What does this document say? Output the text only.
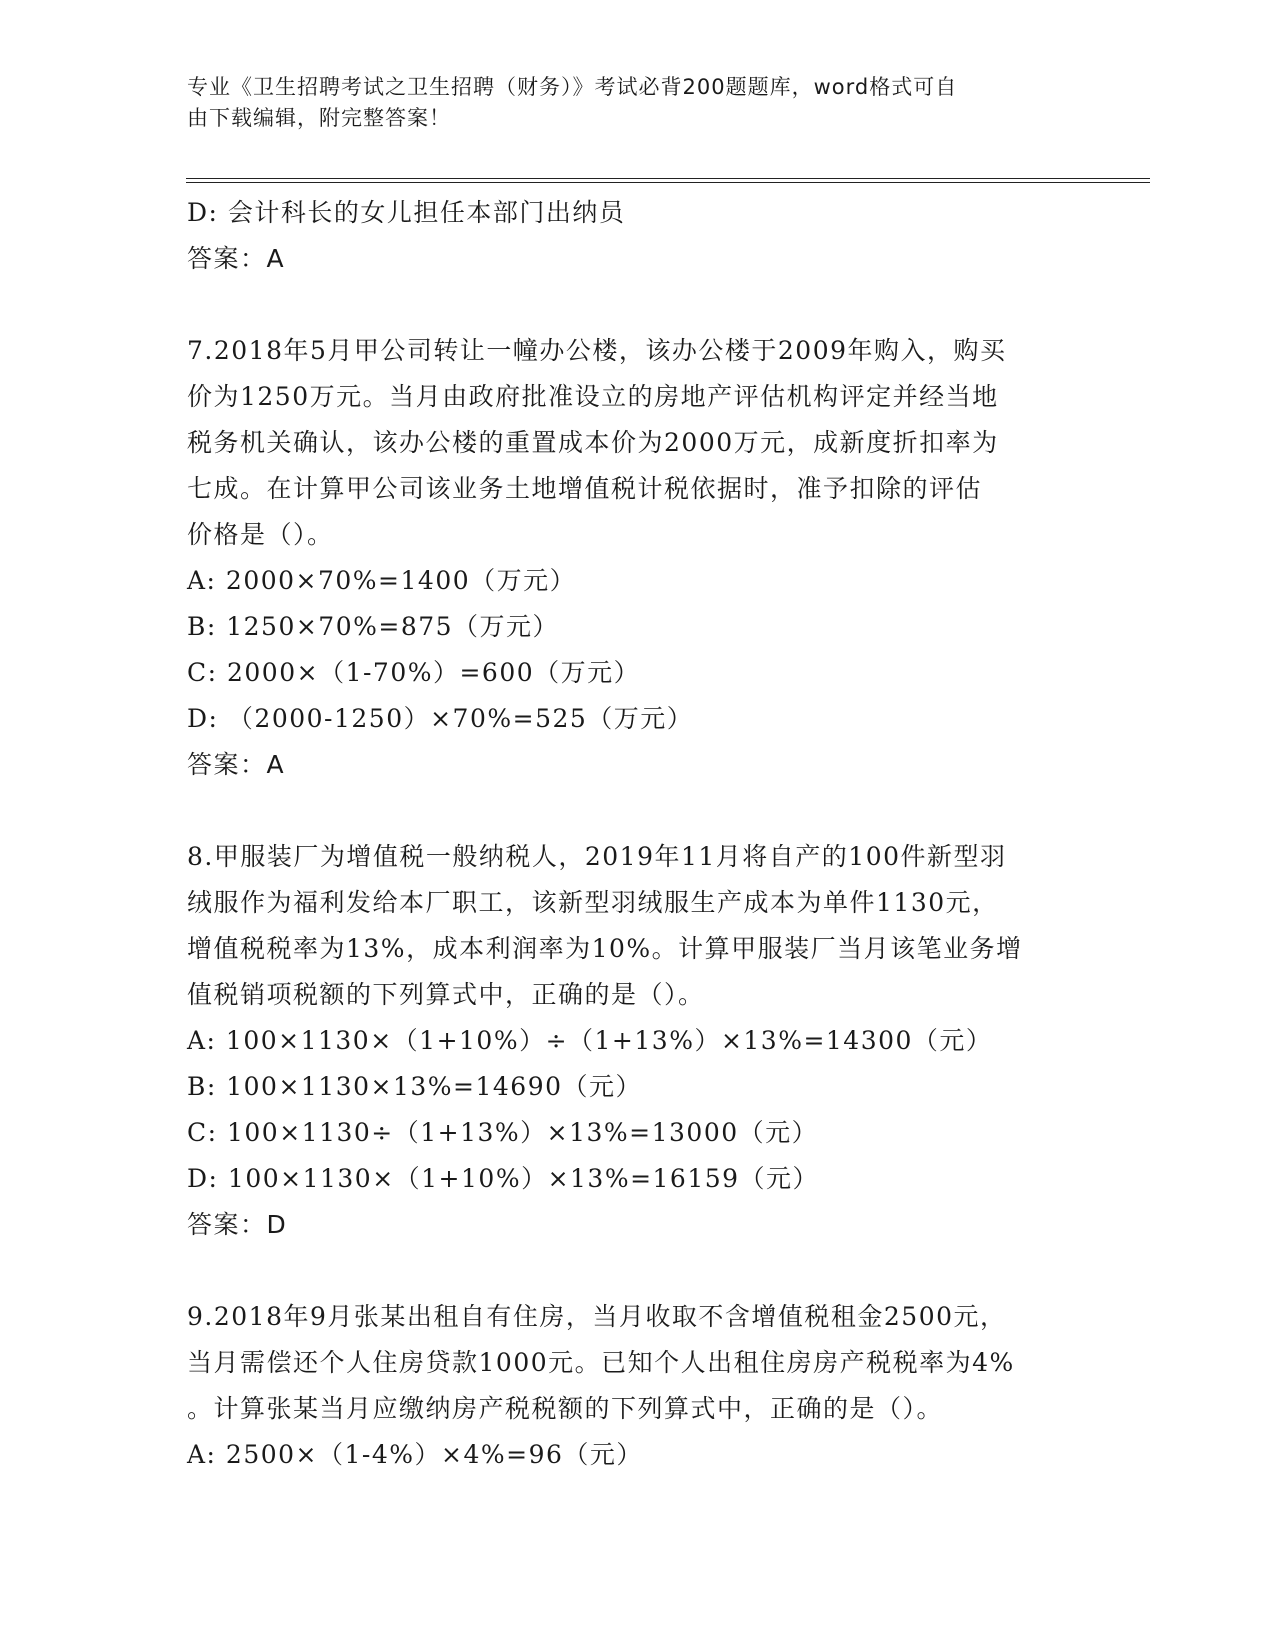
专业《卫生招聘考试之卫生招聘（财务）》考试必背200题题库，word格式可自
由下载编辑，附完整答案！
D: 会计科长的女儿担任本部门出纳员
答案：A
7.2018年5月甲公司转让一幢办公楼，该办公楼于2009年购入，购买
价为1250万元。当月由政府批准设立的房地产评估机构评定并经当地
税务机关确认，该办公楼的重置成本价为2000万元，成新度折扣率为
七成。在计算甲公司该业务土地增值税计税依据时，准予扣除的评估
价格是（）。
A: 2000×70%=1400（万元）
B: 1250×70%=875（万元）
C: 2000×（1-70%）=600（万元）
D: （2000-1250）×70%=525（万元）
答案：A
8.甲服装厂为增值税一般纳税人，2019年11月将自产的100件新型羽
绒服作为福利发给本厂职工，该新型羽绒服生产成本为单件1130元，
增值税税率为13%，成本利润率为10%。计算甲服装厂当月该笔业务增
值税销项税额的下列算式中，正确的是（）。
A: 100×1130×（1+10%）÷（1+13%）×13%=14300（元）
B: 100×1130×13%=14690（元）
C: 100×1130÷（1+13%）×13%=13000（元）
D: 100×1130×（1+10%）×13%=16159（元）
答案：D
9.2018年9月张某出租自有住房，当月收取不含增值税租金2500元，
当月需偿还个人住房贷款1000元。已知个人出租住房房产税税率为4%
。计算张某当月应缴纳房产税税额的下列算式中，正确的是（）。
A: 2500×（1-4%）×4%=96（元）
